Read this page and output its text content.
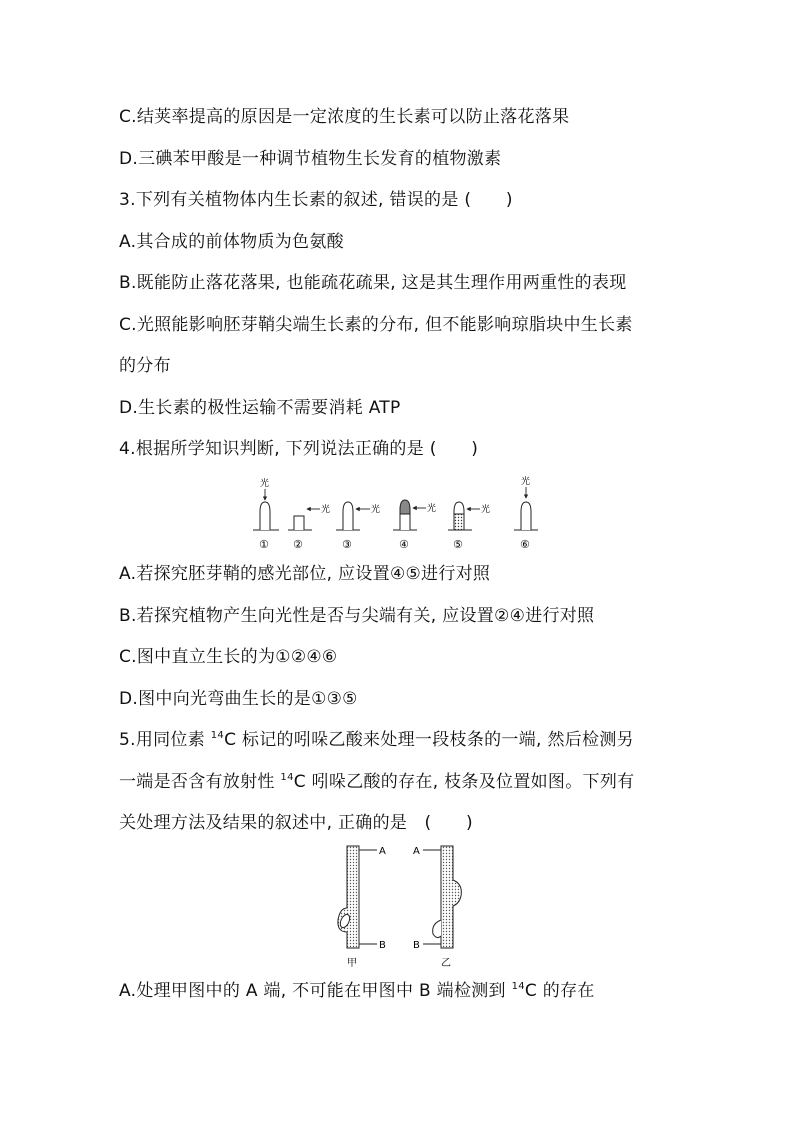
C.结荚率提高的原因是一定浓度的生长素可以防止落花落果
D.三碘苯甲酸是一种调节植物生长发育的植物激素
3.下列有关植物体内生长素的叙述, 错误的是 (　　)
A.其合成的前体物质为色氨酸
B.既能防止落花落果, 也能疏花疏果, 这是其生理作用两重性的表现
C.光照能影响胚芽鞘尖端生长素的分布, 但不能影响琼脂块中生长素
的分布
D.生长素的极性运输不需要消耗 ATP
4.根据所学知识判断, 下列说法正确的是 (　　)
光
①
光
②
光
③
光
④
光
⑤
光
⑥
A.若探究胚芽鞘的感光部位, 应设置④⑤进行对照
B.若探究植物产生向光性是否与尖端有关, 应设置②④进行对照
C.图中直立生长的为①②④⑥
D.图中向光弯曲生长的是①③⑤
5.用同位素 $^{14}$C 标记的吲哚乙酸来处理一段枝条的一端, 然后检测另
一端是否含有放射性 $^{14}$C 吲哚乙酸的存在, 枝条及位置如图。下列有
关处理方法及结果的叙述中, 正确的是　(　　)
A
B
甲
A
B
乙
A.处理甲图中的 A 端, 不可能在甲图中 B 端检测到 $^{14}$C 的存在
